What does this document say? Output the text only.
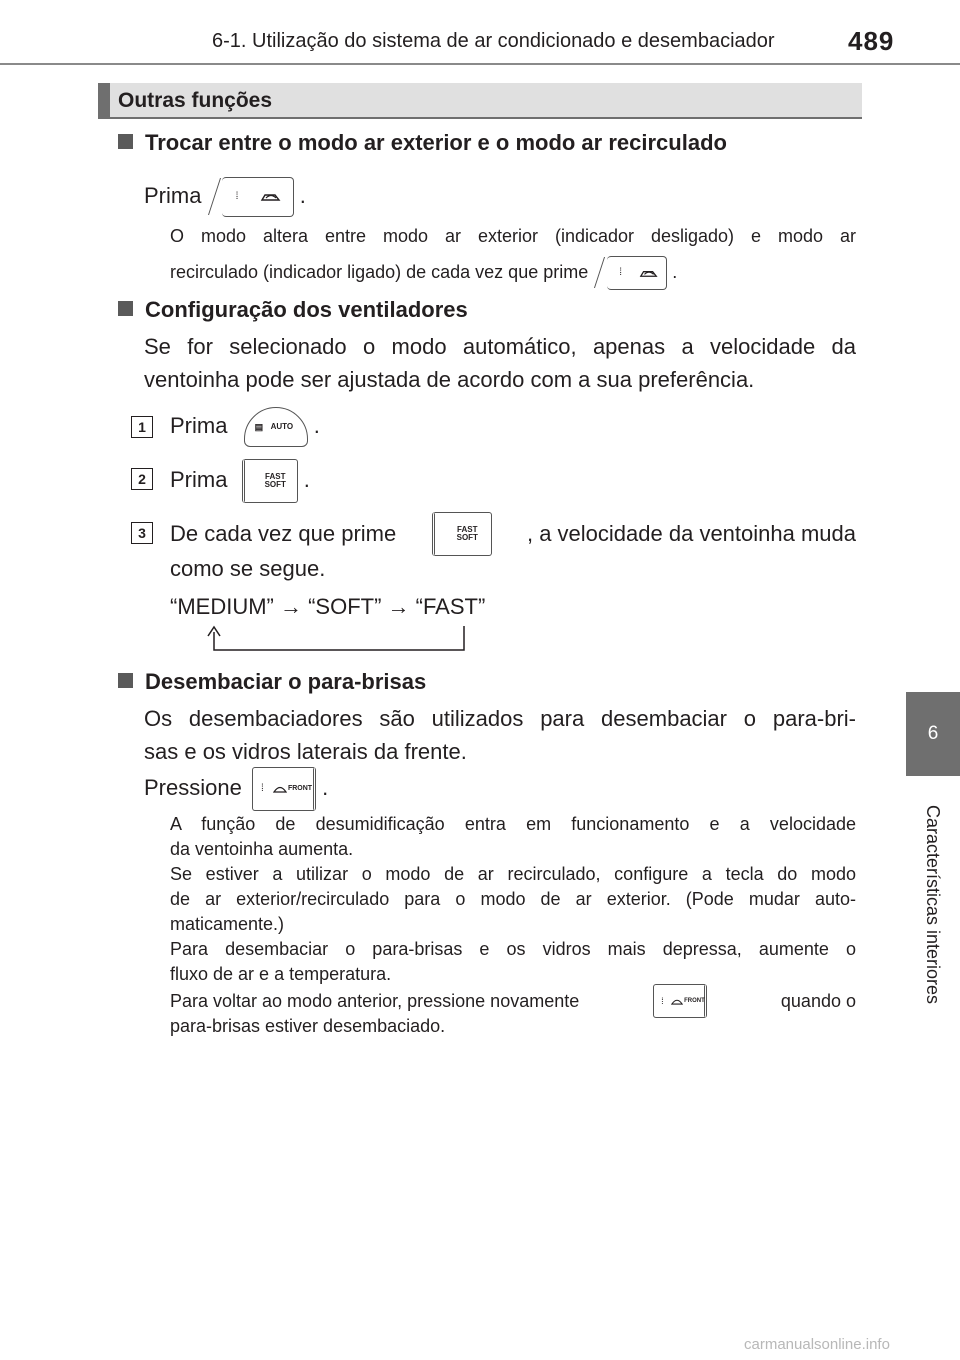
6-1. Utilização do sistema de ar condicionado e desembaciador	489
6
Características interiores
Outras funções
Trocar entre o modo ar exterior e o modo ar recirculado
Prima	⁞	.
O modo altera entre modo ar exterior (indicador desligado) e modo ar
recirculado (indicador ligado) de cada vez que prime	⁞	.
Configuração dos ventiladores
Se for selecionado o modo automático, apenas a velocidade da
ventoinha pode ser ajustada de acordo com a sua preferência.
1	Prima	▤ AUTO .
2	Prima	FAST
SOFT .
3	De cada vez que prime	FAST
SOFT , a velocidade da ventoinha muda
como se segue.
“MEDIUM” → “SOFT” → “FAST”
Desembaciar o para-brisas
Os desembaciadores são utilizados para desembaciar o para-bri-
sas e os vidros laterais da frente.
Pressione ⁞	FRONT .
A função de desumidificação entra em funcionamento e a velocidade
da ventoinha aumenta.
Se estiver a utilizar o modo de ar recirculado, configure a tecla do modo
de ar exterior/recirculado para o modo de ar exterior. (Pode mudar auto-
maticamente.)
Para desembaciar o para-brisas e os vidros mais depressa, aumente o
fluxo de ar e a temperatura.
Para voltar ao modo anterior, pressione novamente	⁞	FRONT	quando o
para-brisas estiver desembaciado.
carmanualsonline.info
